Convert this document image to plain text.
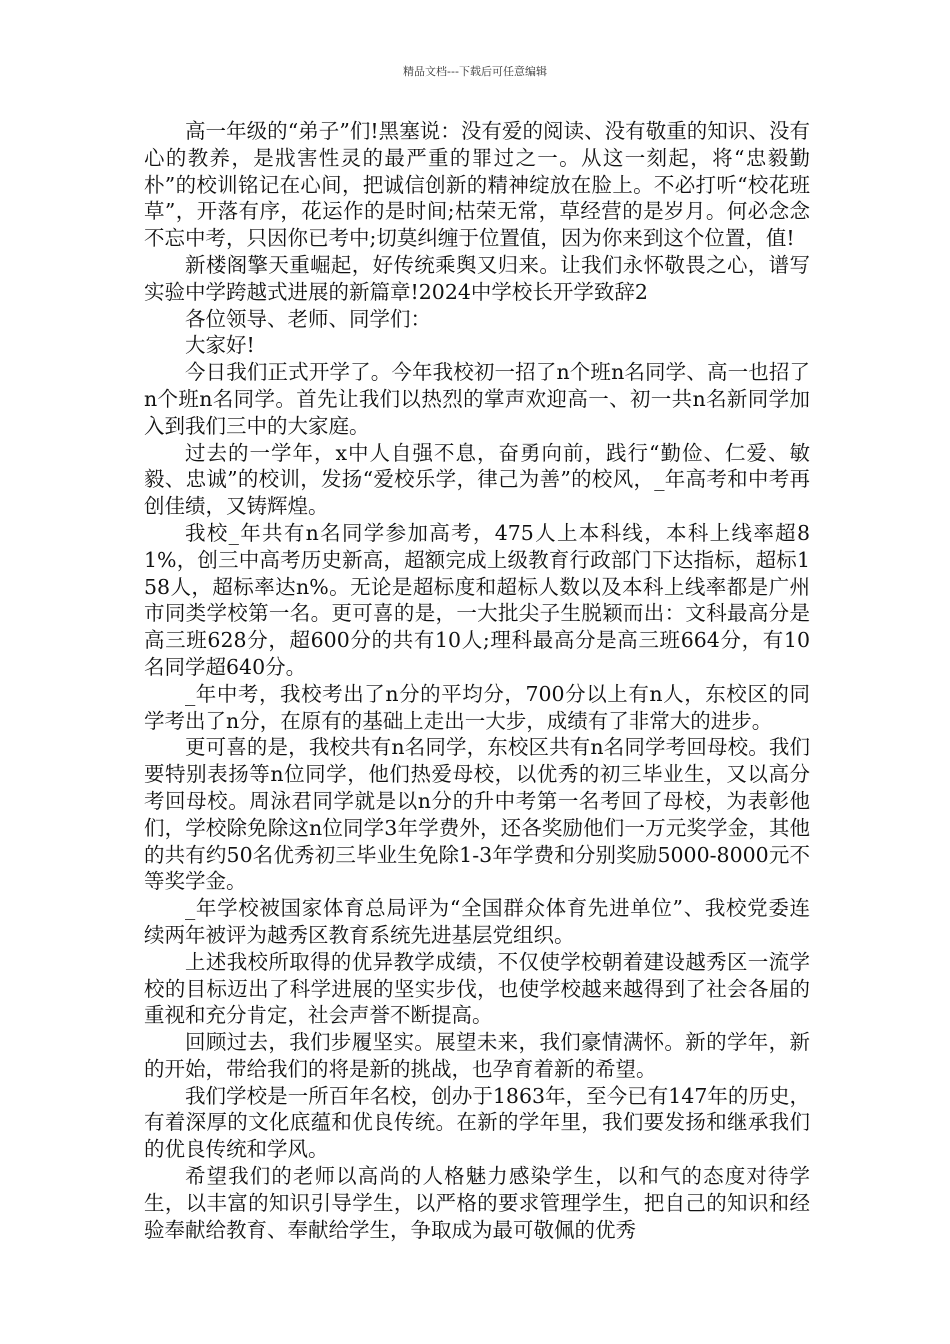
精品文档---下载后可任意编辑

高一年级的“弟子”们!黑塞说：没有爱的阅读、没有敬重的知识、没有心的教养，是戕害性灵的最严重的罪过之一。从这一刻起，将“忠毅勤朴”的校训铭记在心间，把诚信创新的精神绽放在脸上。不必打听“校花班草”，开落有序，花运作的是时间;枯荣无常，草经营的是岁月。何必念念不忘中考，只因你已考中;切莫纠缠于位置值，因为你来到这个位置，值!

新楼阁擎天重崛起，好传统乘舆又归来。让我们永怀敬畏之心，谱写实验中学跨越式进展的新篇章!2024中学校长开学致辞2

各位领导、老师、同学们：

大家好!

今日我们正式开学了。今年我校初一招了n个班n名同学、高一也招了n个班n名同学。首先让我们以热烈的掌声欢迎高一、初一共n名新同学加入到我们三中的大家庭。

过去的一学年，x中人自强不息，奋勇向前，践行“勤俭、仁爱、敏毅、忠诚”的校训，发扬“爱校乐学，律己为善”的校风，_年高考和中考再创佳绩，又铸辉煌。

我校_年共有n名同学参加高考，475人上本科线，本科上线率超81%，创三中高考历史新高，超额完成上级教育行政部门下达指标，超标158人，超标率达n%。无论是超标度和超标人数以及本科上线率都是广州市同类学校第一名。更可喜的是，一大批尖子生脱颖而出：文科最高分是高三班628分，超600分的共有10人;理科最高分是高三班664分，有10名同学超640分。

_年中考，我校考出了n分的平均分，700分以上有n人，东校区的同学考出了n分，在原有的基础上走出一大步，成绩有了非常大的进步。

更可喜的是，我校共有n名同学，东校区共有n名同学考回母校。我们要特别表扬等n位同学，他们热爱母校，以优秀的初三毕业生，又以高分考回母校。周泳君同学就是以n分的升中考第一名考回了母校，为表彰他们，学校除免除这n位同学3年学费外，还各奖励他们一万元奖学金，其他的共有约50名优秀初三毕业生免除1-3年学费和分别奖励5000-8000元不等奖学金。

_年学校被国家体育总局评为“全国群众体育先进单位”、我校党委连续两年被评为越秀区教育系统先进基层党组织。

上述我校所取得的优异教学成绩，不仅使学校朝着建设越秀区一流学校的目标迈出了科学进展的坚实步伐，也使学校越来越得到了社会各届的重视和充分肯定，社会声誉不断提高。

回顾过去，我们步履坚实。展望未来，我们豪情满怀。新的学年，新的开始，带给我们的将是新的挑战，也孕育着新的希望。

我们学校是一所百年名校，创办于1863年，至今已有147年的历史，有着深厚的文化底蕴和优良传统。在新的学年里，我们要发扬和继承我们的优良传统和学风。

希望我们的老师以高尚的人格魅力感染学生，以和气的态度对待学生，以丰富的知识引导学生，以严格的要求管理学生，把自己的知识和经验奉献给教育、奉献给学生，争取成为最可敬佩的优秀
